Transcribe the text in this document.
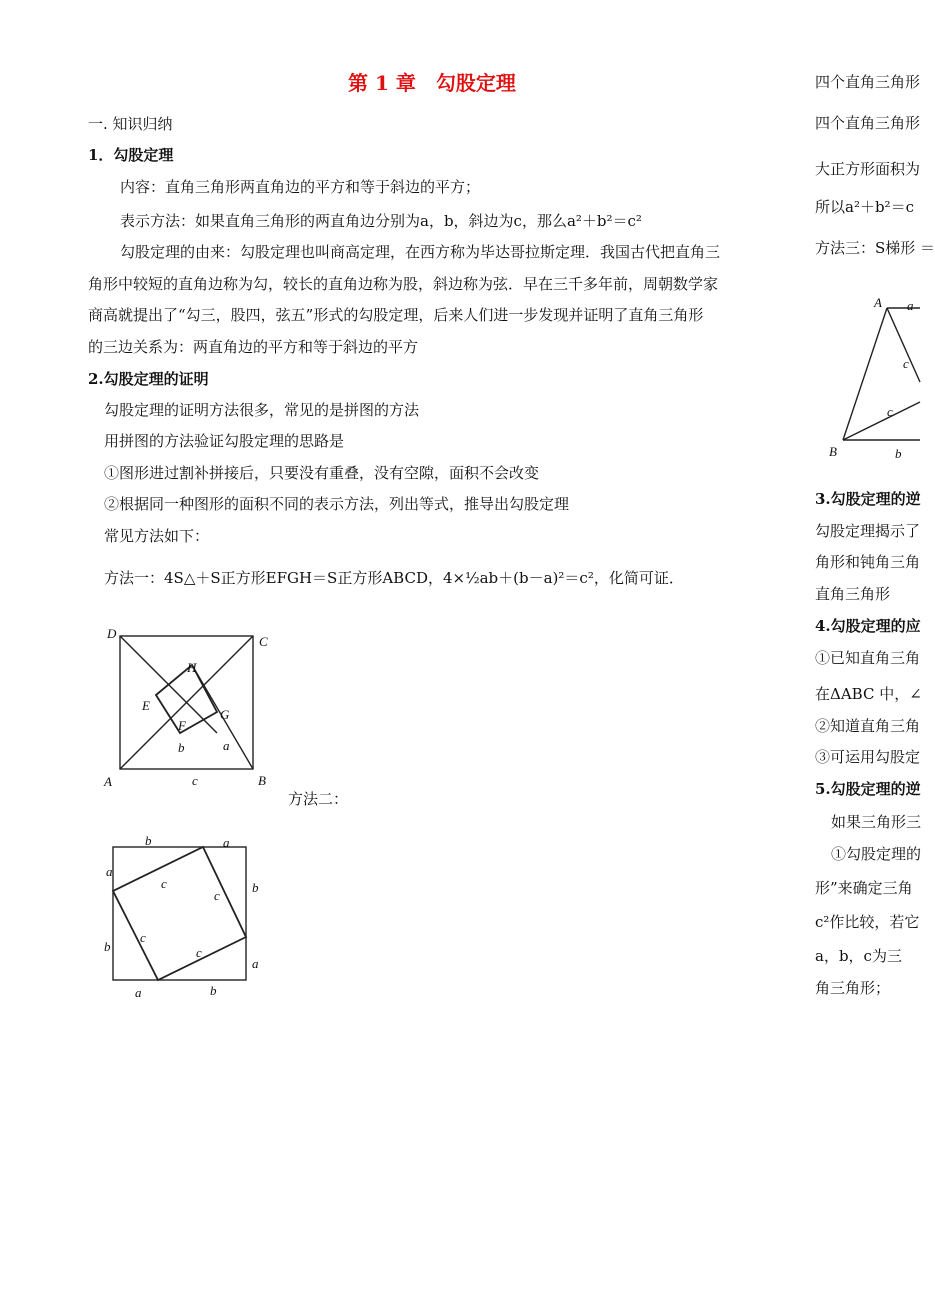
第 1 章　勾股定理
一. 知识归纳
1．勾股定理
内容：直角三角形两直角边的平方和等于斜边的平方；
表示方法：如果直角三角形的两直角边分别为a，b，斜边为c，那么a²＋b²＝c²
勾股定理的由来：勾股定理也叫商高定理，在西方称为毕达哥拉斯定理．我国古代把直角三
角形中较短的直角边称为勾，较长的直角边称为股，斜边称为弦．早在三千多年前，周朝数学家
商高就提出了“勾三，股四，弦五”形式的勾股定理，后来人们进一步发现并证明了直角三角形
的三边关系为：两直角边的平方和等于斜边的平方
2.勾股定理的证明
勾股定理的证明方法很多，常见的是拼图的方法
用拼图的方法验证勾股定理的思路是
①图形进过割补拼接后，只要没有重叠，没有空隙，面积不会改变
②根据同一种图形的面积不同的表示方法，列出等式，推导出勾股定理
常见方法如下：
方法一：4S△＋S正方形EFGH＝S正方形ABCD，4×½ab＋(b－a)²＝c²，化简可证．
D
C
H
E
G
F
b	a
A	c	B
方法二：
b	a
a
b
c
c
b
c
c
a
a	b
四个直角三角形
四个直角三角形
大正方形面积为
所以a²＋b²＝c
方法三：S梯形 ＝
A a
c
c
B	b
3.勾股定理的逆
勾股定理揭示了
角形和钝角三角
直角三角形
4.勾股定理的应
①已知直角三角
在ΔABC 中，∠
②知道直角三角
③可运用勾股定
5.勾股定理的逆
如果三角形三
①勾股定理的
形”来确定三角
c²作比较，若它
a，b，c为三
角三角形；
